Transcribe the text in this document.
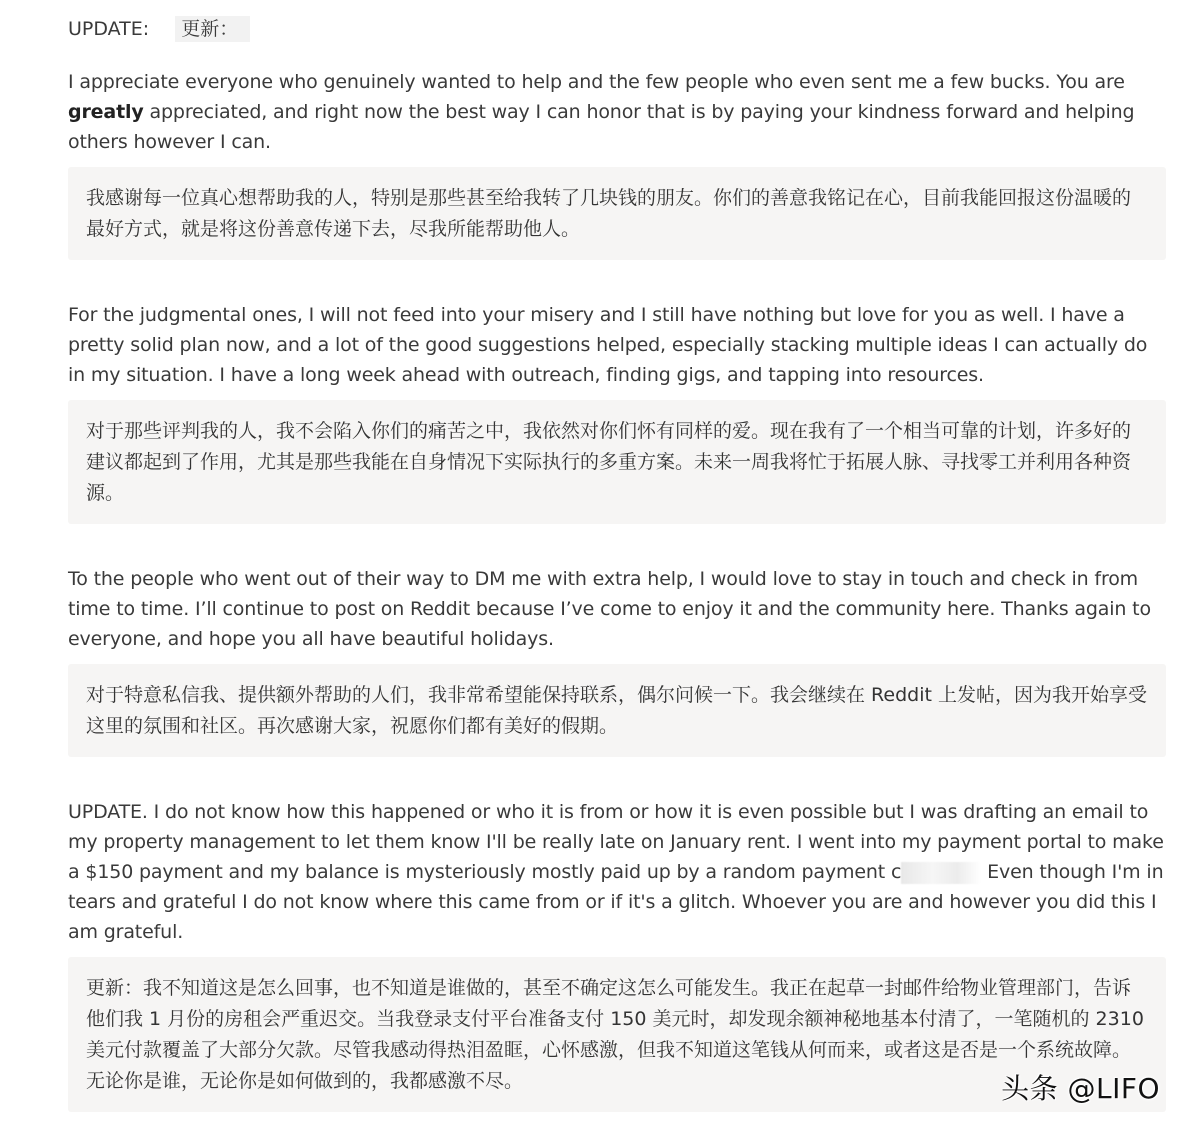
UPDATE: 更新：

I appreciate everyone who genuinely wanted to help and the few people who even sent me a few bucks. You are greatly appreciated, and right now the best way I can honor that is by paying your kindness forward and helping others however I can.

我感谢每一位真心想帮助我的人，特别是那些甚至给我转了几块钱的朋友。你们的善意我铭记在心，目前我能回报这份温暖的最好方式，就是将这份善意传递下去，尽我所能帮助他人。

For the judgmental ones, I will not feed into your misery and I still have nothing but love for you as well. I have a pretty solid plan now, and a lot of the good suggestions helped, especially stacking multiple ideas I can actually do in my situation. I have a long week ahead with outreach, finding gigs, and tapping into resources.

对于那些评判我的人，我不会陷入你们的痛苦之中，我依然对你们怀有同样的爱。现在我有了一个相当可靠的计划，许多好的建议都起到了作用，尤其是那些我能在自身情况下实际执行的多重方案。未来一周我将忙于拓展人脉、寻找零工并利用各种资源。

To the people who went out of their way to DM me with extra help, I would love to stay in touch and check in from time to time. I’ll continue to post on Reddit because I’ve come to enjoy it and the community here. Thanks again to everyone, and hope you all have beautiful holidays.

对于特意私信我、提供额外帮助的人们，我非常希望能保持联系，偶尔问候一下。我会继续在 Reddit 上发帖，因为我开始享受这里的氛围和社区。再次感谢大家，祝愿你们都有美好的假期。

UPDATE. I do not know how this happened or who it is from or how it is even possible but I was drafting an email to my property management to let them know I'll be really late on January rent. I went into my payment portal to make a $150 payment and my balance is mysteriously mostly paid up by a random payment c	Even though I'm in tears and grateful I do not know where this came from or if it's a glitch. Whoever you are and however you did this I am grateful.

更新：我不知道这是怎么回事，也不知道是谁做的，甚至不确定这怎么可能发生。我正在起草一封邮件给物业管理部门，告诉他们我 1 月份的房租会严重迟交。当我登录支付平台准备支付 150 美元时，却发现余额神秘地基本付清了，一笔随机的 2310 美元付款覆盖了大部分欠款。尽管我感动得热泪盈眶，心怀感激，但我不知道这笔钱从何而来，或者这是否是一个系统故障。无论你是谁，无论你是如何做到的，我都感激不尽。	头条 @LIFO
